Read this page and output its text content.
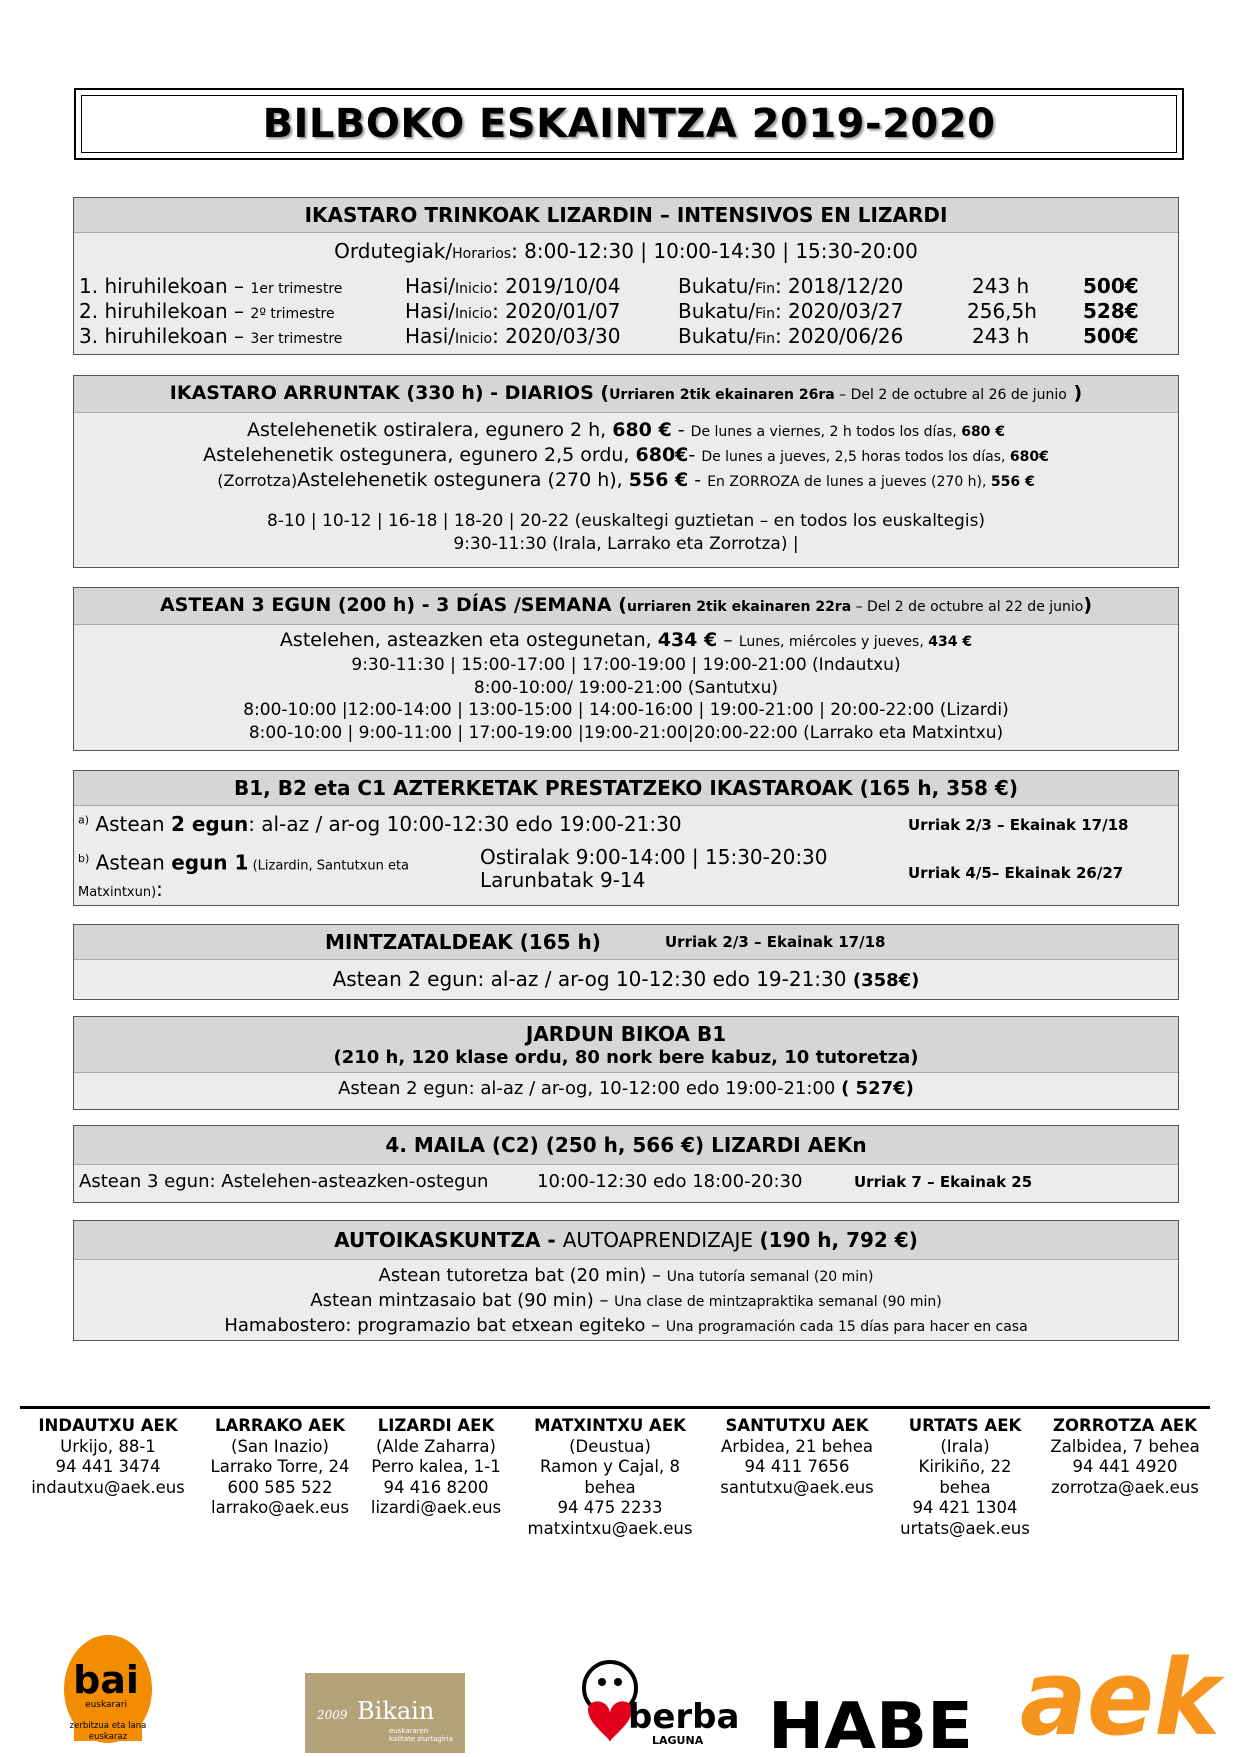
BILBOKO ESKAINTZA 2019-2020
IKASTARO TRINKOAK LIZARDIN – INTENSIVOS EN LIZARDI
Ordutegiak/Horarios: 8:00-12:30 | 10:00-14:30 | 15:30-20:00
1. hiruhilekoan – 1er trimestre	Hasi/Inicio: 2019/10/04	Bukatu/Fin: 2018/12/20	243 h	500€
2. hiruhilekoan – 2º trimestre	Hasi/Inicio: 2020/01/07	Bukatu/Fin: 2020/03/27	256,5h 528€
3. hiruhilekoan – 3er trimestre	Hasi/Inicio: 2020/03/30	Bukatu/Fin: 2020/06/26	243 h	500€
IKASTARO ARRUNTAK (330 h) - DIARIOS (Urriaren 2tik ekainaren 26ra – Del 2 de octubre al 26 de junio )
Astelehenetik ostiralera, egunero 2 h, 680 € - De lunes a viernes, 2 h todos los días, 680 €
Astelehenetik ostegunera, egunero 2,5 ordu, 680€- De lunes a jueves, 2,5 horas todos los días, 680€
(Zorrotza)Astelehenetik ostegunera (270 h), 556 € - En ZORROZA de lunes a jueves (270 h), 556 €
8-10 | 10-12 | 16-18 | 18-20 | 20-22 (euskaltegi guztietan – en todos los euskaltegis)
9:30-11:30 (Irala, Larrako eta Zorrotza) |
ASTEAN 3 EGUN (200 h) - 3 DÍAS /SEMANA (urriaren 2tik ekainaren 22ra – Del 2 de octubre al 22 de junio)
Astelehen, asteazken eta ostegunetan, 434 € – Lunes, miércoles y jueves, 434 €
9:30-11:30 | 15:00-17:00 | 17:00-19:00 | 19:00-21:00 (Indautxu)
8:00-10:00/ 19:00-21:00 (Santutxu)
8:00-10:00 |12:00-14:00 | 13:00-15:00 | 14:00-16:00 | 19:00-21:00 | 20:00-22:00 (Lizardi)
8:00-10:00 | 9:00-11:00 | 17:00-19:00 |19:00-21:00|20:00-22:00 (Larrako eta Matxintxu)
B1, B2 eta C1 AZTERKETAK PRESTATZEKO IKASTAROAK (165 h, 358 €)
$^{a)}$ Astean 2 egun: al-az / ar-og 10:00-12:30 edo 19:00-21:30	Urriak 2/3 – Ekainak 17/18
$^{b)}$ Astean egun 1 (Lizardin, Santutxun eta
Matxintxun):
Ostiralak 9:00-14:00 | 15:30-20:30
Larunbatak 9-14	Urriak 4/5– Ekainak 26/27
MINTZATALDEAK (165 h)	Urriak 2/3 – Ekainak 17/18
Astean 2 egun: al-az / ar-og 10-12:30 edo 19-21:30 (358€)
JARDUN BIKOA B1
(210 h, 120 klase ordu, 80 nork bere kabuz, 10 tutoretza)
Astean 2 egun: al-az / ar-og, 10-12:00 edo 19:00-21:00 ( 527€)
4. MAILA (C2) (250 h, 566 €) LIZARDI AEKn
Astean 3 egun: Astelehen-asteazken-ostegun	10:00-12:30 edo 18:00-20:30	Urriak 7 – Ekainak 25
AUTOIKASKUNTZA - AUTOAPRENDIZAJE (190 h, 792 €)
Astean tutoretza bat (20 min) – Una tutoría semanal (20 min)
Astean mintzasaio bat (90 min) – Una clase de mintzapraktika semanal (90 min)
Hamabostero: programazio bat etxean egiteko – Una programación cada 15 días para hacer en casa
INDAUTXU AEK
Urkijo, 88-1
94 441 3474
indautxu@aek.eus
LARRAKO AEK
(San Inazio)
Larrako Torre, 24
600 585 522
larrako@aek.eus
LIZARDI AEK
(Alde Zaharra)
Perro kalea, 1-1
94 416 8200
lizardi@aek.eus
MATXINTXU AEK
(Deustua)
Ramon y Cajal, 8
behea
94 475 2233
matxintxu@aek.eus
SANTUTXU AEK
Arbidea, 21 behea
94 411 7656
santutxu@aek.eus
URTATS AEK
(Irala)
Kirikiño, 22
behea
94 421 1304
urtats@aek.eus
ZORROTZA AEK
Zalbidea, 7 behea
94 441 4920
zorrotza@aek.eus
bai
euskarari
zerbitzua eta lana
euskaraz
2009 Bikain
euskararen
kalitate ziurtagiria
berba
LAGUNA HABE aek
